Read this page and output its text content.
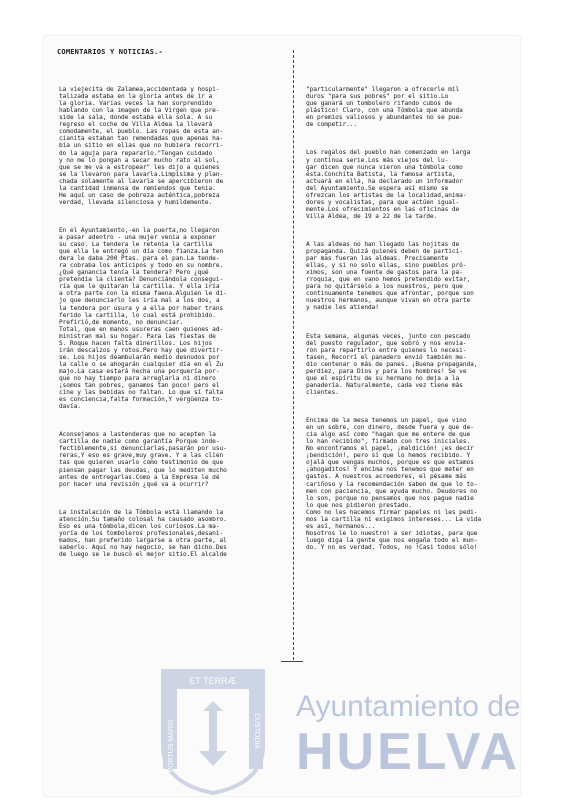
COMENTARIOS Y NOTICIAS.-

La viejecita de Zalamea,accidentada y hospi-
talizada estaba en la gloria antes de ir a
la gloria. Varias veces la han sorprendido
hablando con la imagen de la Virgen que pre-
side la sala, donde estaba ella sola. A su
regreso el coche de Villa Aldea la llevará
comodamente, el pueblo. Las ropas de esta an-
cianita estaban tan remendadas que apenas ha-
bia un sitio en ellas que no hubiera recorri-
do la aguja para repararlo."Tengan cuidado
y no me lo pongan a secar mucho rato al sol,
que se me va a estropear" les dijo a quienes
se la llevaron para lavarla.Limpisima y plan-
chada solamente al lavarla se apercibieron de
la cantidad inmensa de remiendos que tenia.
He aquí un caso de pobreza auténtica,pobreza
verdad, llevada silenciosa y humildemente.

En el Ayuntamiento,-en la puerta,no llegaron
a pasar adentro - una mujer venia a exponer
su caso. La tendera le retenia la cartilla
que ella le entregó un día como fianza.La ten
dera le daba 200 Ptas. para el pan.La tende-
ra cobraba los anticipos y todo en su nombre.
¿Qué ganancia tenía la tendera? Pero ¿qué
pretendía la clienta? Denunciándola consegui-
ría que le quitaran la cartilla. Y ella iría
a otra parte con la misma faena.Alguien le di-
jo que denunciarlo les iría mal a los dos, a
la tendera por usura y a ella por haber trans
ferido la cartilla, lo cual está prohibido.
Prefirió,de momento, no denunciar.
Total, que en manos usureras caen quienes ad-
ministran mal su hogar. Para las fiestas de
S. Roque hacen falta dinerillos. Los hijos
irán descalzos y rotos.Pero hay que divertir-
se. Los hijos deambularán medio desnudos por
la calle o se ahogarán cualquier día en el Zu
majo.La casa estará hecha una porquería por-
que no hay tiempo para arreglarla ni dinero
¡somos tan pobres, ganamos tan poco! pero el
cine y las bebidas no faltan. Lo que sí falta
es conciencia,falta formación,Y vergüenza to-
davía.

Aconsejamos a lastenderas que no acepten la
cartilla de nadie como garantía Porque inde-
fectiblemente,si denunciarlas,pasarán por usu-
reras,Y eso es grave,muy grave. Y a las clien
tas que quieren usarlo como testimonio de que
piensan pagar las deudas, que lo mediten mucho
antes de entregarlas.Como a la Empresa le dé
por hacer una revisión ¿qué va a ocurrir?

La instalación de la Tómbola está llamando la
atención.Su tamaño colosal ha causado asombro.
Eso es una tómbola,dicen los curiosos.La ma-
yoría de los tomboleros profesionales,desani-
mados, han preferido largarse a otra parte, al
saberlo. Aquí no hay negocio, se han dicho.Des
de luego se le buscó el mejor sitio.El alcalde

"particularmente" llegaron a ofrecerle mil
duros "para sus pobres" por el sitio.Lo
que ganará un tombolero rifando cubos de
plástico! Claro, con una Tómbola que abunda
en premios valiosos y abundantes no se pue-
de competir...

Los regalos del pueblo han comenzado en larga
y continua serie.Los más viejos del lu-
gar dicen que nunca vieron una tómbola como
ésta.Conchita Batista, la famosa artista,
actuará en ella, ha declarado un informador
del Ayuntamiento.Se espera así mismo se
ofrezcan los artistas de la localidad,anima-
dores y vocalistas, para que actúen igual-
mente.Los ofrecimientos en las oficinas de
Villa Aldea, de 19 a 22 de la tarde.

A las aldeas no han llegado las hojitas de
propaganda. Quizá quienes deben de partici-
par mas fueran las aldeas. Precisamente
ellas, y si no solo ellas, sino pueblos pró-
ximos, son una fuente de gastos para la pa-
rroquia, que en vano hemos pretendido evitar,
para no quitárselo a los nuestros, pero que
continuamente tenemos que afrontar, porque son
nuestros hermanos, aunque vivan en otra parte
y nadie les atienda!

Esta semana, algunas veces, junto con pescado
del puesto regulador, que sobró y nos envia-
ron para repartirlo entre quienes lo necesi-
tasen, Recorrí el panadero envió también me-
dio centenar o más de panes. ¡Buena propaganda,
perdiez, para Dios y para los hombres! Se ve
que el espíritu de su hermano no deja a la
panadería. Naturalmente, cada vez tiene más
clientes.

Encima de la mesa tenemos un papel, que vino
en un sobre, con dinero, desde fuera y que de-
cia algo así como "hagan que me entere de que
lo han recibido", firmado con tres iniciales.
No encontramos el papel, ¡maldición! ¡es decir
¡bendición!, pero sí que lo hemos recibido. Y
ojalá que vengas muchos, porque es que estamos
¡ahogaditos! Y encima nos tenemos que meter en
gastos. A nuestros acreedores, el pésame más
cariñoso y la recomendación saben de que lo to-
men con paciencia, que ayuda mucho. Deudores no
lo son, porque no pensamos que nos pague nadie
lo que nos pidieron prestado.
Como no les hacemos firmar papeles ni les pedi-
mos la cartilla ni exigimos intereses... La vida
es así, hermanos...
Nosotros le lo nuestro! a ser idiotas, para que
luego diga la gente que nos engaña todo el mun-
do. Y no es verdad. Todos, no !Casi todos sólo!

ET TERRÆ
PORTUS MARIS	CUSTODIA
Ayuntamiento de
HUELVA
